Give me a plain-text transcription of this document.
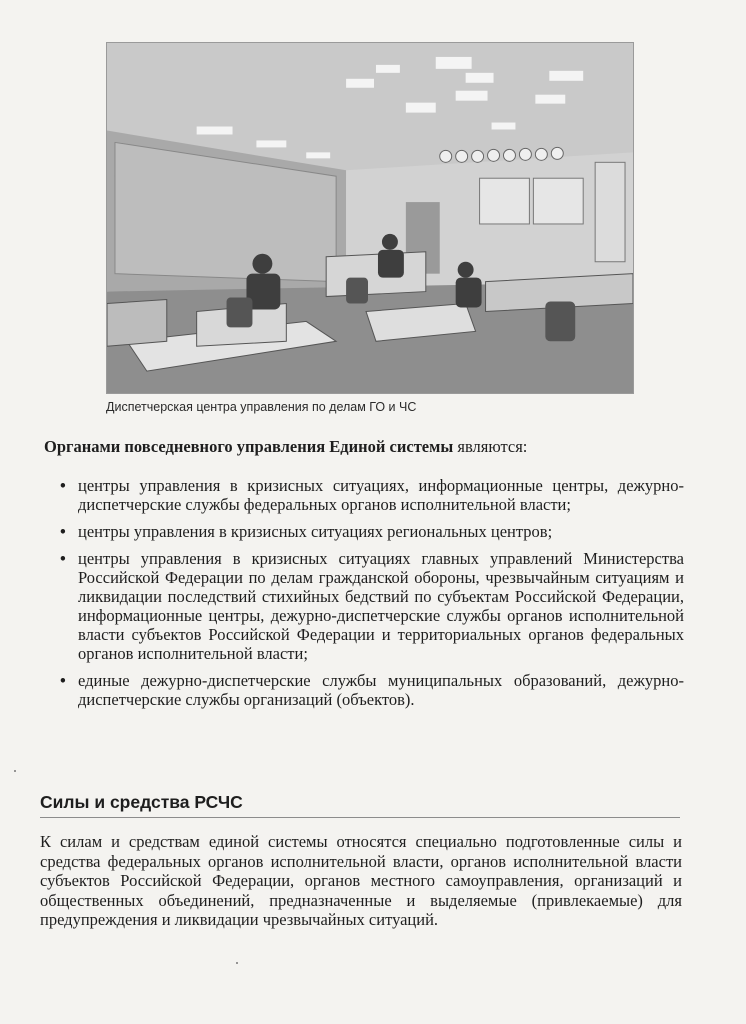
Диспетчерская центра управления по делам ГО и ЧС
Органами повседневного управления Единой системы являются:
• центры управления в кризисных ситуациях, информационные центры, дежурно-диспетчерские службы федеральных органов исполнительной власти;
• центры управления в кризисных ситуациях региональных центров;
• центры управления в кризисных ситуациях главных управлений Министерства Российской Федерации по делам гражданской обороны, чрезвычайным ситуациям и ликвидации последствий стихийных бедствий по субъектам Российской Федерации, информационные центры, дежурно-диспетчерские службы органов исполнительной власти субъектов Российской Федерации и территориальных органов федеральных органов исполнительной власти;
• единые дежурно-диспетчерские службы муниципальных образований, дежурно-диспетчерские службы организаций (объектов).
Силы и средства РСЧС

К силам и средствам единой системы относятся специально подготовленные силы и средства федеральных органов исполнительной власти, органов исполнительной власти субъектов Российской Федерации, органов местного самоуправления, организаций и общественных объединений, предназначенные и выделяемые (привлекаемые) для предупреждения и ликвидации чрезвычайных ситуаций.
